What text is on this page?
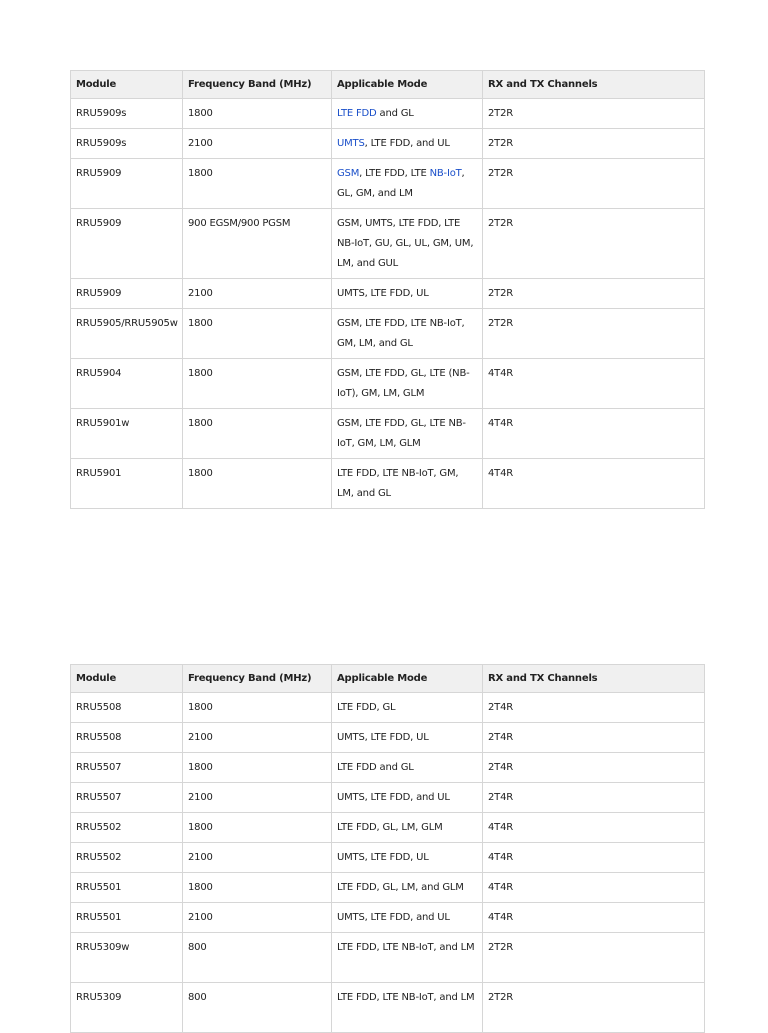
Module	Frequency Band (MHz)	Applicable Mode	RX and TX Channels
RRU5909s	1800	LTE FDD and GL	2T2R
RRU5909s	2100	UMTS, LTE FDD, and UL	2T2R
RRU5909	1800	GSM, LTE FDD, LTE NB-IoT, GL, GM, and LM	2T2R
RRU5909	900 EGSM/900 PGSM	GSM, UMTS, LTE FDD, LTE NB-IoT, GU, GL, UL, GM, UM, LM, and GUL	2T2R
RRU5909	2100	UMTS, LTE FDD, UL	2T2R
RRU5905/RRU5905w	1800	GSM, LTE FDD, LTE NB-IoT, GM, LM, and GL	2T2R
RRU5904	1800	GSM, LTE FDD, GL, LTE (NB-IoT), GM, LM, GLM	4T4R
RRU5901w	1800	GSM, LTE FDD, GL, LTE NB-IoT, GM, LM, GLM	4T4R
RRU5901	1800	LTE FDD, LTE NB-IoT, GM, LM, and GL	4T4R
Module	Frequency Band (MHz)	Applicable Mode	RX and TX Channels
RRU5508	1800	LTE FDD, GL	2T4R
RRU5508	2100	UMTS, LTE FDD, UL	2T4R
RRU5507	1800	LTE FDD and GL	2T4R
RRU5507	2100	UMTS, LTE FDD, and UL	2T4R
RRU5502	1800	LTE FDD, GL, LM, GLM	4T4R
RRU5502	2100	UMTS, LTE FDD, UL	4T4R
RRU5501	1800	LTE FDD, GL, LM, and GLM	4T4R
RRU5501	2100	UMTS, LTE FDD, and UL	4T4R
RRU5309w	800	LTE FDD, LTE NB-IoT, and LM	2T2R
RRU5309	800	LTE FDD, LTE NB-IoT, and LM	2T2R
